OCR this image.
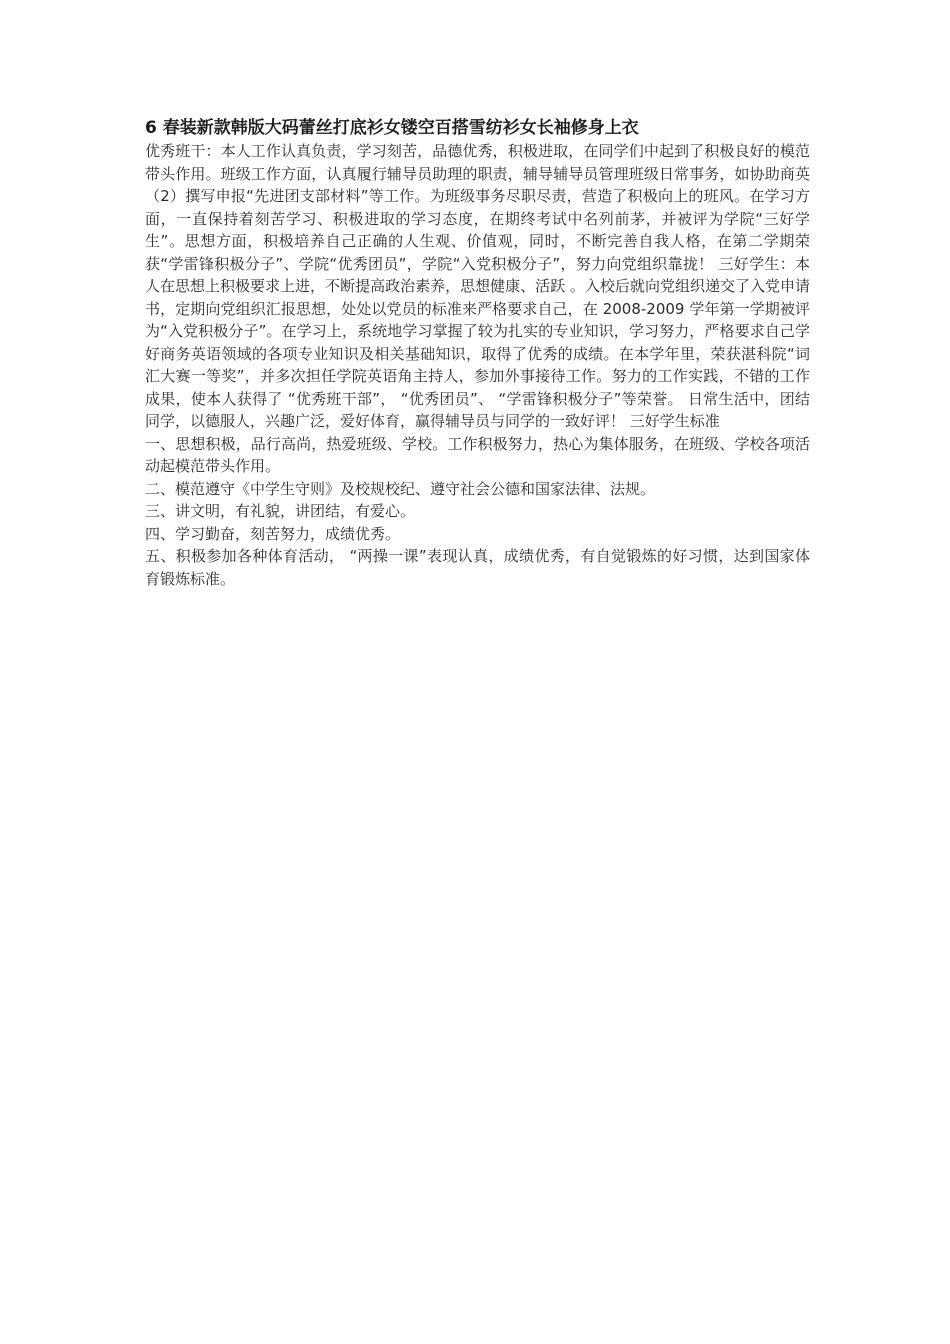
6 春装新款韩版大码蕾丝打底衫女镂空百搭雪纺衫女长袖修身上衣

优秀班干：本人工作认真负责，学习刻苦，品德优秀，积极进取，在同学们中起到了积极良好的模范带头作用。班级工作方面，认真履行辅导员助理的职责，辅导辅导员管理班级日常事务，如协助商英（2）撰写申报“先进团支部材料”等工作。为班级事务尽职尽责，营造了积极向上的班风。在学习方面，一直保持着刻苦学习、积极进取的学习态度，在期终考试中名列前茅，并被评为学院“三好学生”。思想方面，积极培养自己正确的人生观、价值观，同时，不断完善自我人格，在第二学期荣获“学雷锋积极分子”、学院“优秀团员”，学院“入党积极分子”，努力向党组织靠拢！ 三好学生：本人在思想上积极要求上进，不断提高政治素养，思想健康、活跃 。入校后就向党组织递交了入党申请书，定期向党组织汇报思想，处处以党员的标准来严格要求自己，在 2008-2009 学年第一学期被评为“入党积极分子”。在学习上，系统地学习掌握了较为扎实的专业知识，学习努力，严格要求自己学好商务英语领域的各项专业知识及相关基础知识，取得了优秀的成绩。在本学年里，荣获湛科院“词汇大赛一等奖”，并多次担任学院英语角主持人，参加外事接待工作。努力的工作实践，不错的工作成果，使本人获得了 “优秀班干部”， “优秀团员”、 “学雷锋积极分子”等荣誉。 日常生活中，团结同学，以德服人，兴趣广泛，爱好体育，赢得辅导员与同学的一致好评！ 三好学生标准

一、思想积极，品行高尚，热爱班级、学校。工作积极努力，热心为集体服务，在班级、学校各项活动起模范带头作用。

二、模范遵守《中学生守则》及校规校纪、遵守社会公德和国家法律、法规。

三、讲文明，有礼貌，讲团结，有爱心。

四、学习勤奋，刻苦努力，成绩优秀。

五、积极参加各种体育活动， “两操一课”表现认真，成绩优秀，有自觉锻炼的好习惯，达到国家体育锻炼标准。
